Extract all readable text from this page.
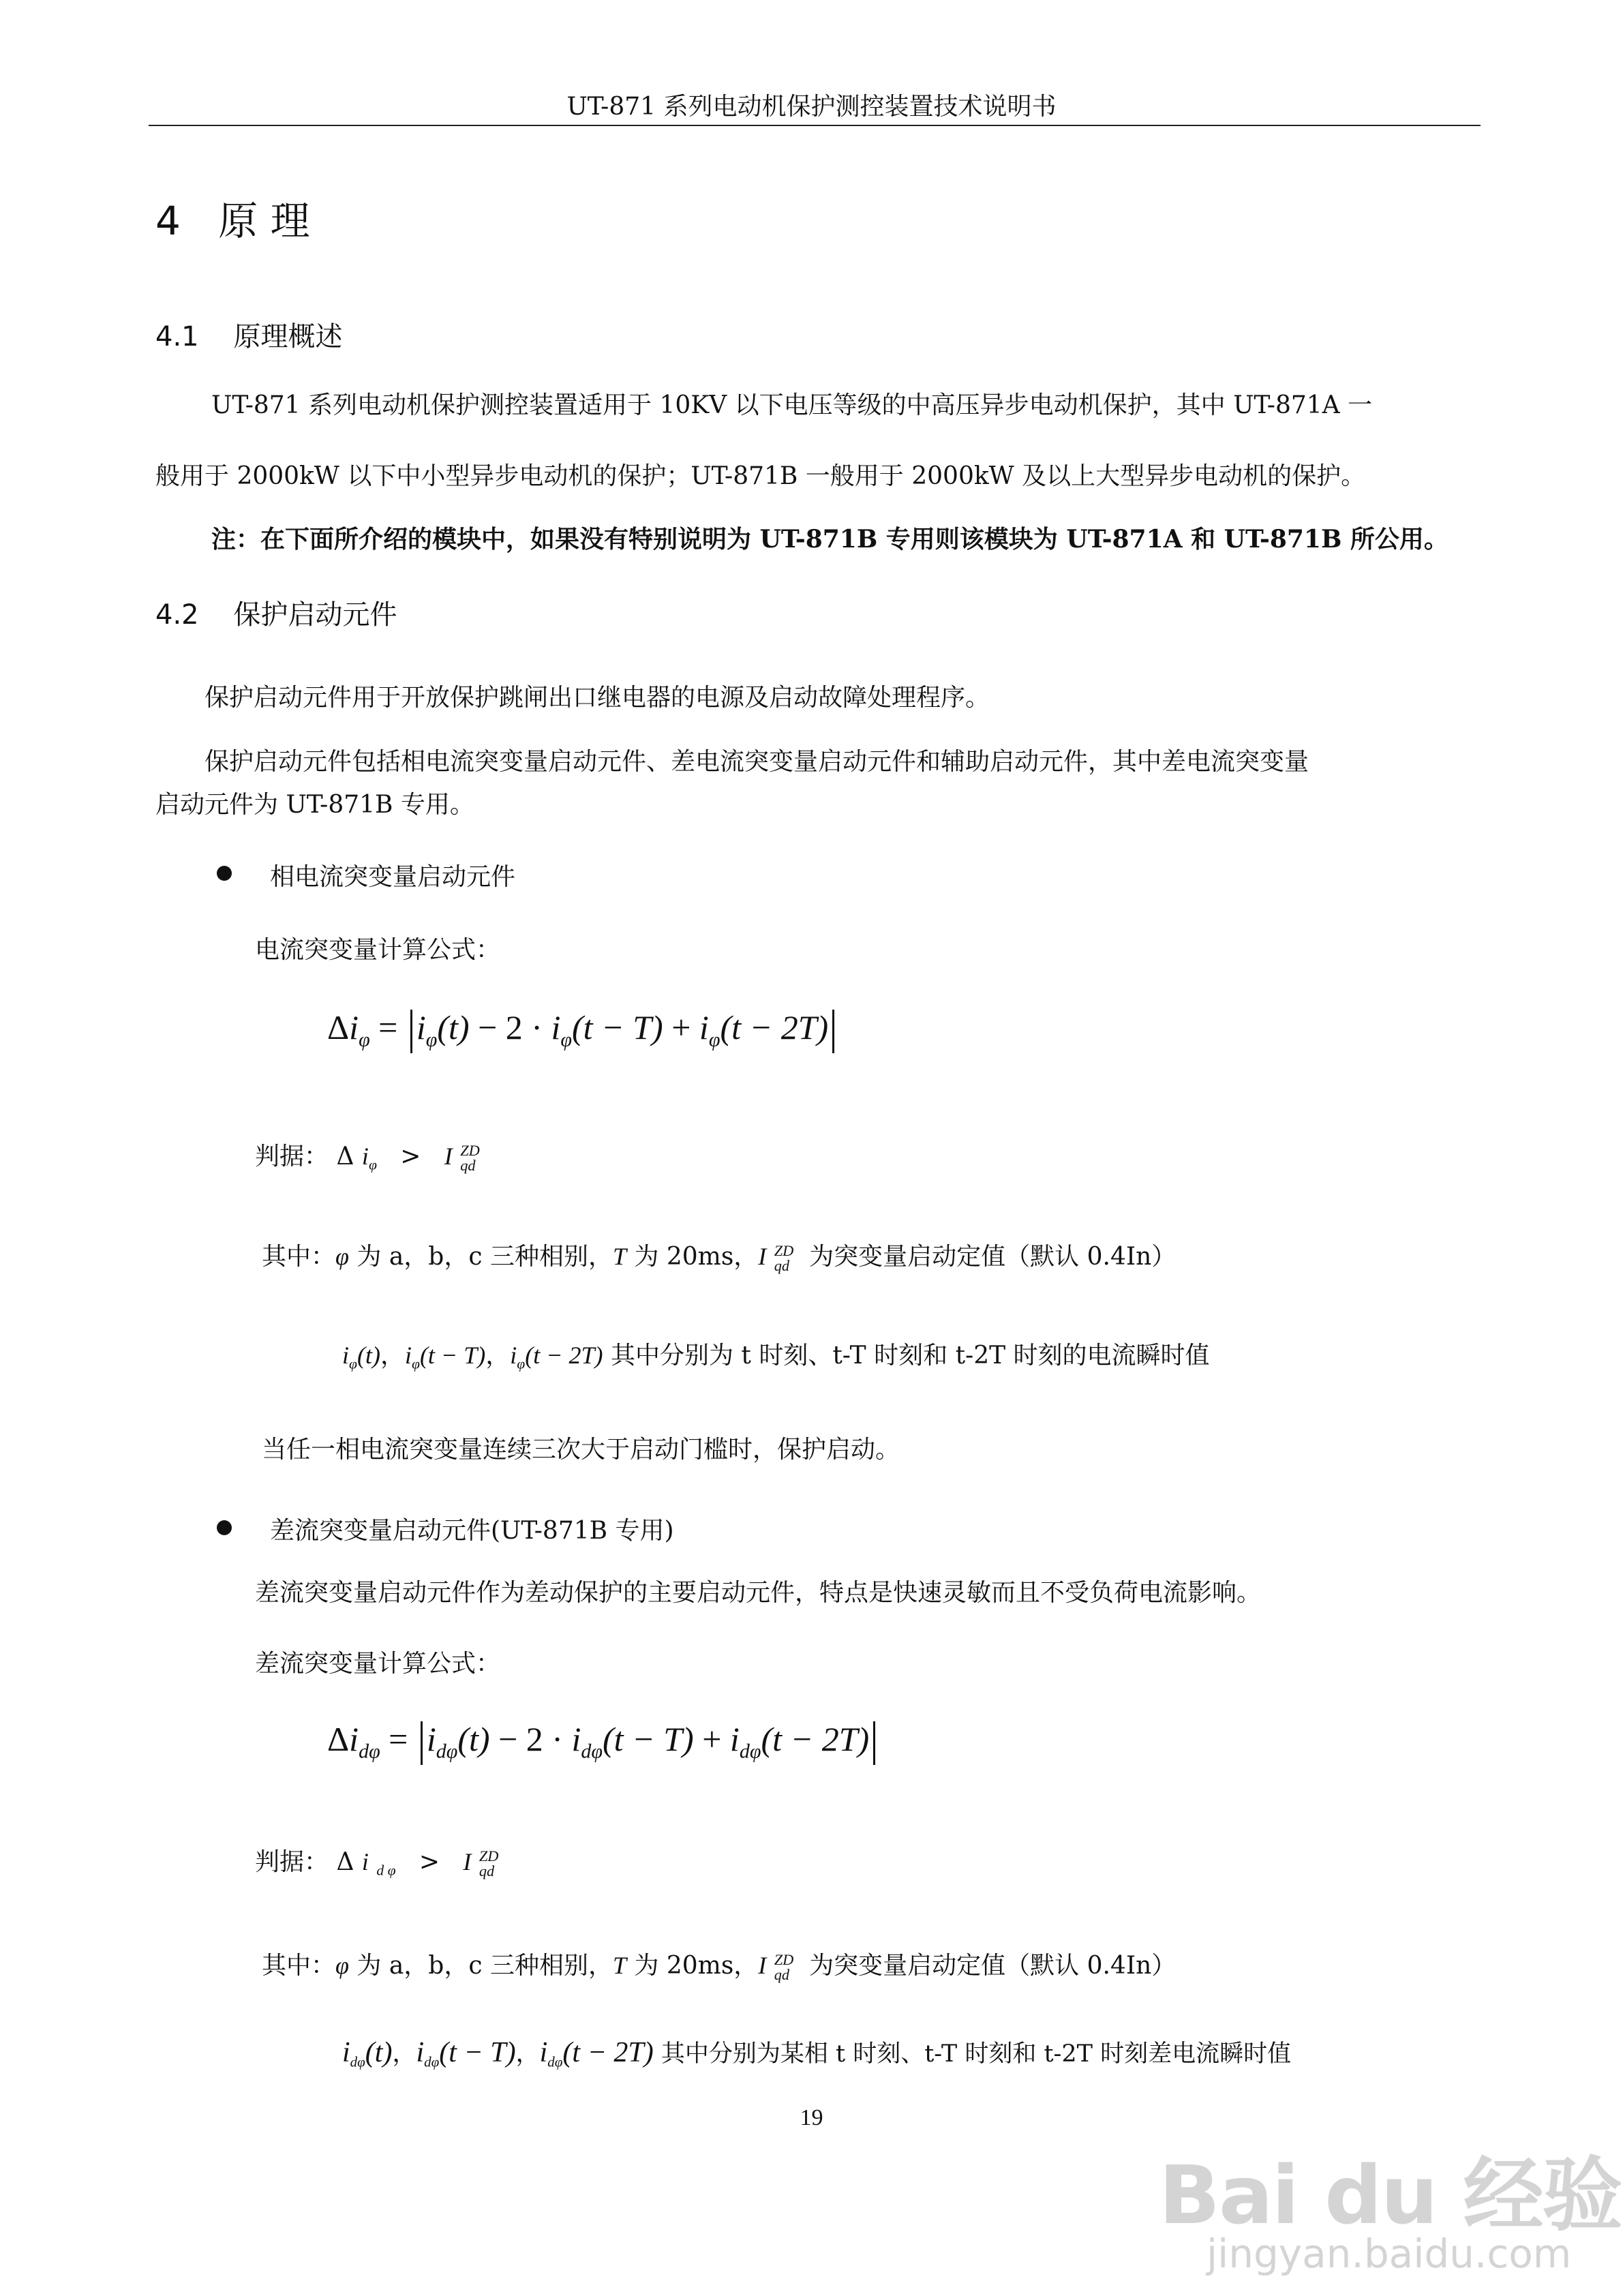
UT-871 系列电动机保护测控装置技术说明书
4 原 理
4.1 原理概述
UT-871 系列电动机保护测控装置适用于 10KV 以下电压等级的中高压异步电动机保护，其中 UT-871A 一
般用于 2000kW 以下中小型异步电动机的保护；UT-871B 一般用于 2000kW 及以上大型异步电动机的保护。
注：在下面所介绍的模块中，如果没有特别说明为 UT-871B 专用则该模块为 UT-871A 和 UT-871B 所公用。
4.2 保护启动元件
保护启动元件用于开放保护跳闸出口继电器的电源及启动故障处理程序。
保护启动元件包括相电流突变量启动元件、差电流突变量启动元件和辅助启动元件，其中差电流突变量
启动元件为 UT-871B 专用。
相电流突变量启动元件
电流突变量计算公式：
$\Delta i_\varphi = i_\varphi(t) - 2 \cdot i_\varphi(t - T) + i_\varphi(t - 2T)$
判据： Δ $i_\varphi > I$ ZD
qd
其中：φ 为 a，b，c 三种相别，T 为 20ms，I ZD
qd 为突变量启动定值（默认 0.4In）
$i_\varphi(t)$，$i_\varphi(t - T)$，$i_\varphi(t - 2T)$ 其中分别为 t 时刻、t-T 时刻和 t-2T 时刻的电流瞬时值
当任一相电流突变量连续三次大于启动门槛时，保护启动。
差流突变量启动元件(UT-871B 专用)
差流突变量启动元件作为差动保护的主要启动元件，特点是快速灵敏而且不受负荷电流影响。
差流突变量计算公式：
$\Delta i_{d\varphi} = i_{d\varphi}(t) - 2 \cdot i_{d\varphi}(t - T) + i_{d\varphi}(t - 2T)$
判据： Δ i $_{d \varphi}$ > I ZD
qd
其中：φ 为 a，b，c 三种相别，T 为 20ms，I ZD
qd 为突变量启动定值（默认 0.4In）
$i_{d\varphi}(t)$，$i_{d\varphi}(t - T)$，$i_{d\varphi}(t - 2T)$ 其中分别为某相 t 时刻、t-T 时刻和 t-2T 时刻差电流瞬时值
19
Bai du 经验
jingyan.baidu.com
